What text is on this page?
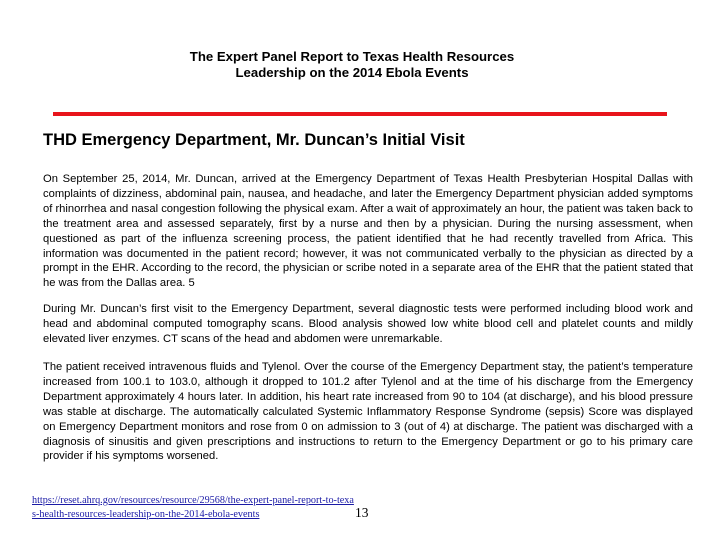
The Expert Panel Report to Texas Health Resources
Leadership on the 2014 Ebola Events
THD Emergency Department, Mr. Duncan’s Initial Visit

On September 25, 2014, Mr. Duncan, arrived at the Emergency Department of Texas Health Presbyterian Hospital Dallas with complaints of dizziness, abdominal pain, nausea, and headache, and later the Emergency Department physician added symptoms of rhinorrhea and nasal congestion following the physical exam. After a wait of approximately an hour, the patient was taken back to the treatment area and assessed separately, first by a nurse and then by a physician. During the nursing assessment, when questioned as part of the influenza screening process, the patient identified that he had recently travelled from Africa. This information was documented in the patient record; however, it was not communicated verbally to the physician as directed by a prompt in the EHR. According to the record, the physician or scribe noted in a separate area of the EHR that the patient stated that he was from the Dallas area. 5

During Mr. Duncan’s first visit to the Emergency Department, several diagnostic tests were performed including blood work and head and abdominal computed tomography scans. Blood analysis showed low white blood cell and platelet counts and mildly elevated liver enzymes. CT scans of the head and abdomen were unremarkable.

The patient received intravenous fluids and Tylenol. Over the course of the Emergency Department stay, the patient’s temperature increased from 100.1 to 103.0, although it dropped to 101.2 after Tylenol and at the time of his discharge from the Emergency Department approximately 4 hours later. In addition, his heart rate increased from 90 to 104 (at discharge), and his blood pressure was stable at discharge. The automatically calculated Systemic Inflammatory Response Syndrome (sepsis) Score was displayed on Emergency Department monitors and rose from 0 on admission to 3 (out of 4) at discharge. The patient was discharged with a diagnosis of sinusitis and given prescriptions and instructions to return to the Emergency Department or go to his primary care provider if his symptoms worsened.

https://reset.ahrq.gov/resources/resource/29568/the-expert-panel-report-to-texas-health-resources-leadership-on-the-2014-ebola-events	13
